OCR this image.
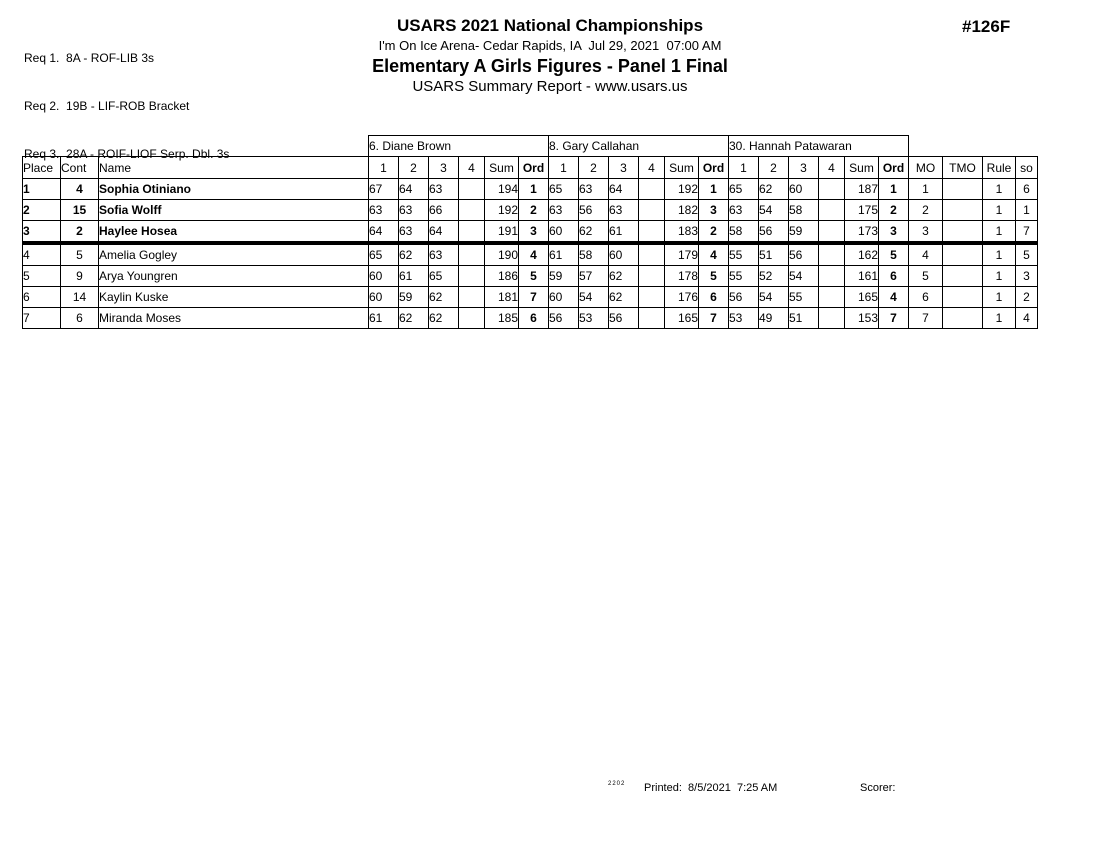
Req 1.  8A - ROF-LIB 3s

Req 2.  19B - LIF-ROB Bracket

Req 3.  28A - ROIF-LIOF Serp. Dbl. 3s

#126F
USARS 2021 National Championships
I'm On Ice Arena- Cedar Rapids, IA  Jul 29, 2021  07:00 AM
Elementary A Girls Figures - Panel 1 Final
USARS Summary Report - www.usars.us
			6. Diane Brown						8. Gary Callahan						30. Hannah Patawaran									
Place	Cont	Name	1	2	3	4	Sum	Ord	1	2	3	4	Sum	Ord	1	2	3	4	Sum	Ord	MO	TMO	Rule	so
1	4	Sophia Otiniano	67	64	63		194	1	65	63	64		192	1	65	62	60		187	1	1		1	6
2	15	Sofia Wolff	63	63	66		192	2	63	56	63		182	3	63	54	58		175	2	2		1	1
3	2	Haylee Hosea	64	63	64		191	3	60	62	61		183	2	58	56	59		173	3	3		1	7
4	5	Amelia Gogley	65	62	63		190	4	61	58	60		179	4	55	51	56		162	5	4		1	5
5	9	Arya Youngren	60	61	65		186	5	59	57	62		178	5	55	52	54		161	6	5		1	3
6	14	Kaylin Kuske	60	59	62		181	7	60	54	62		176	6	56	54	55		165	4	6		1	2
7	6	Miranda Moses	61	62	62		185	6	56	53	56		165	7	53	49	51		153	7	7		1	4
2202 Printed:  8/5/2021  7:25 AM	Scorer:
